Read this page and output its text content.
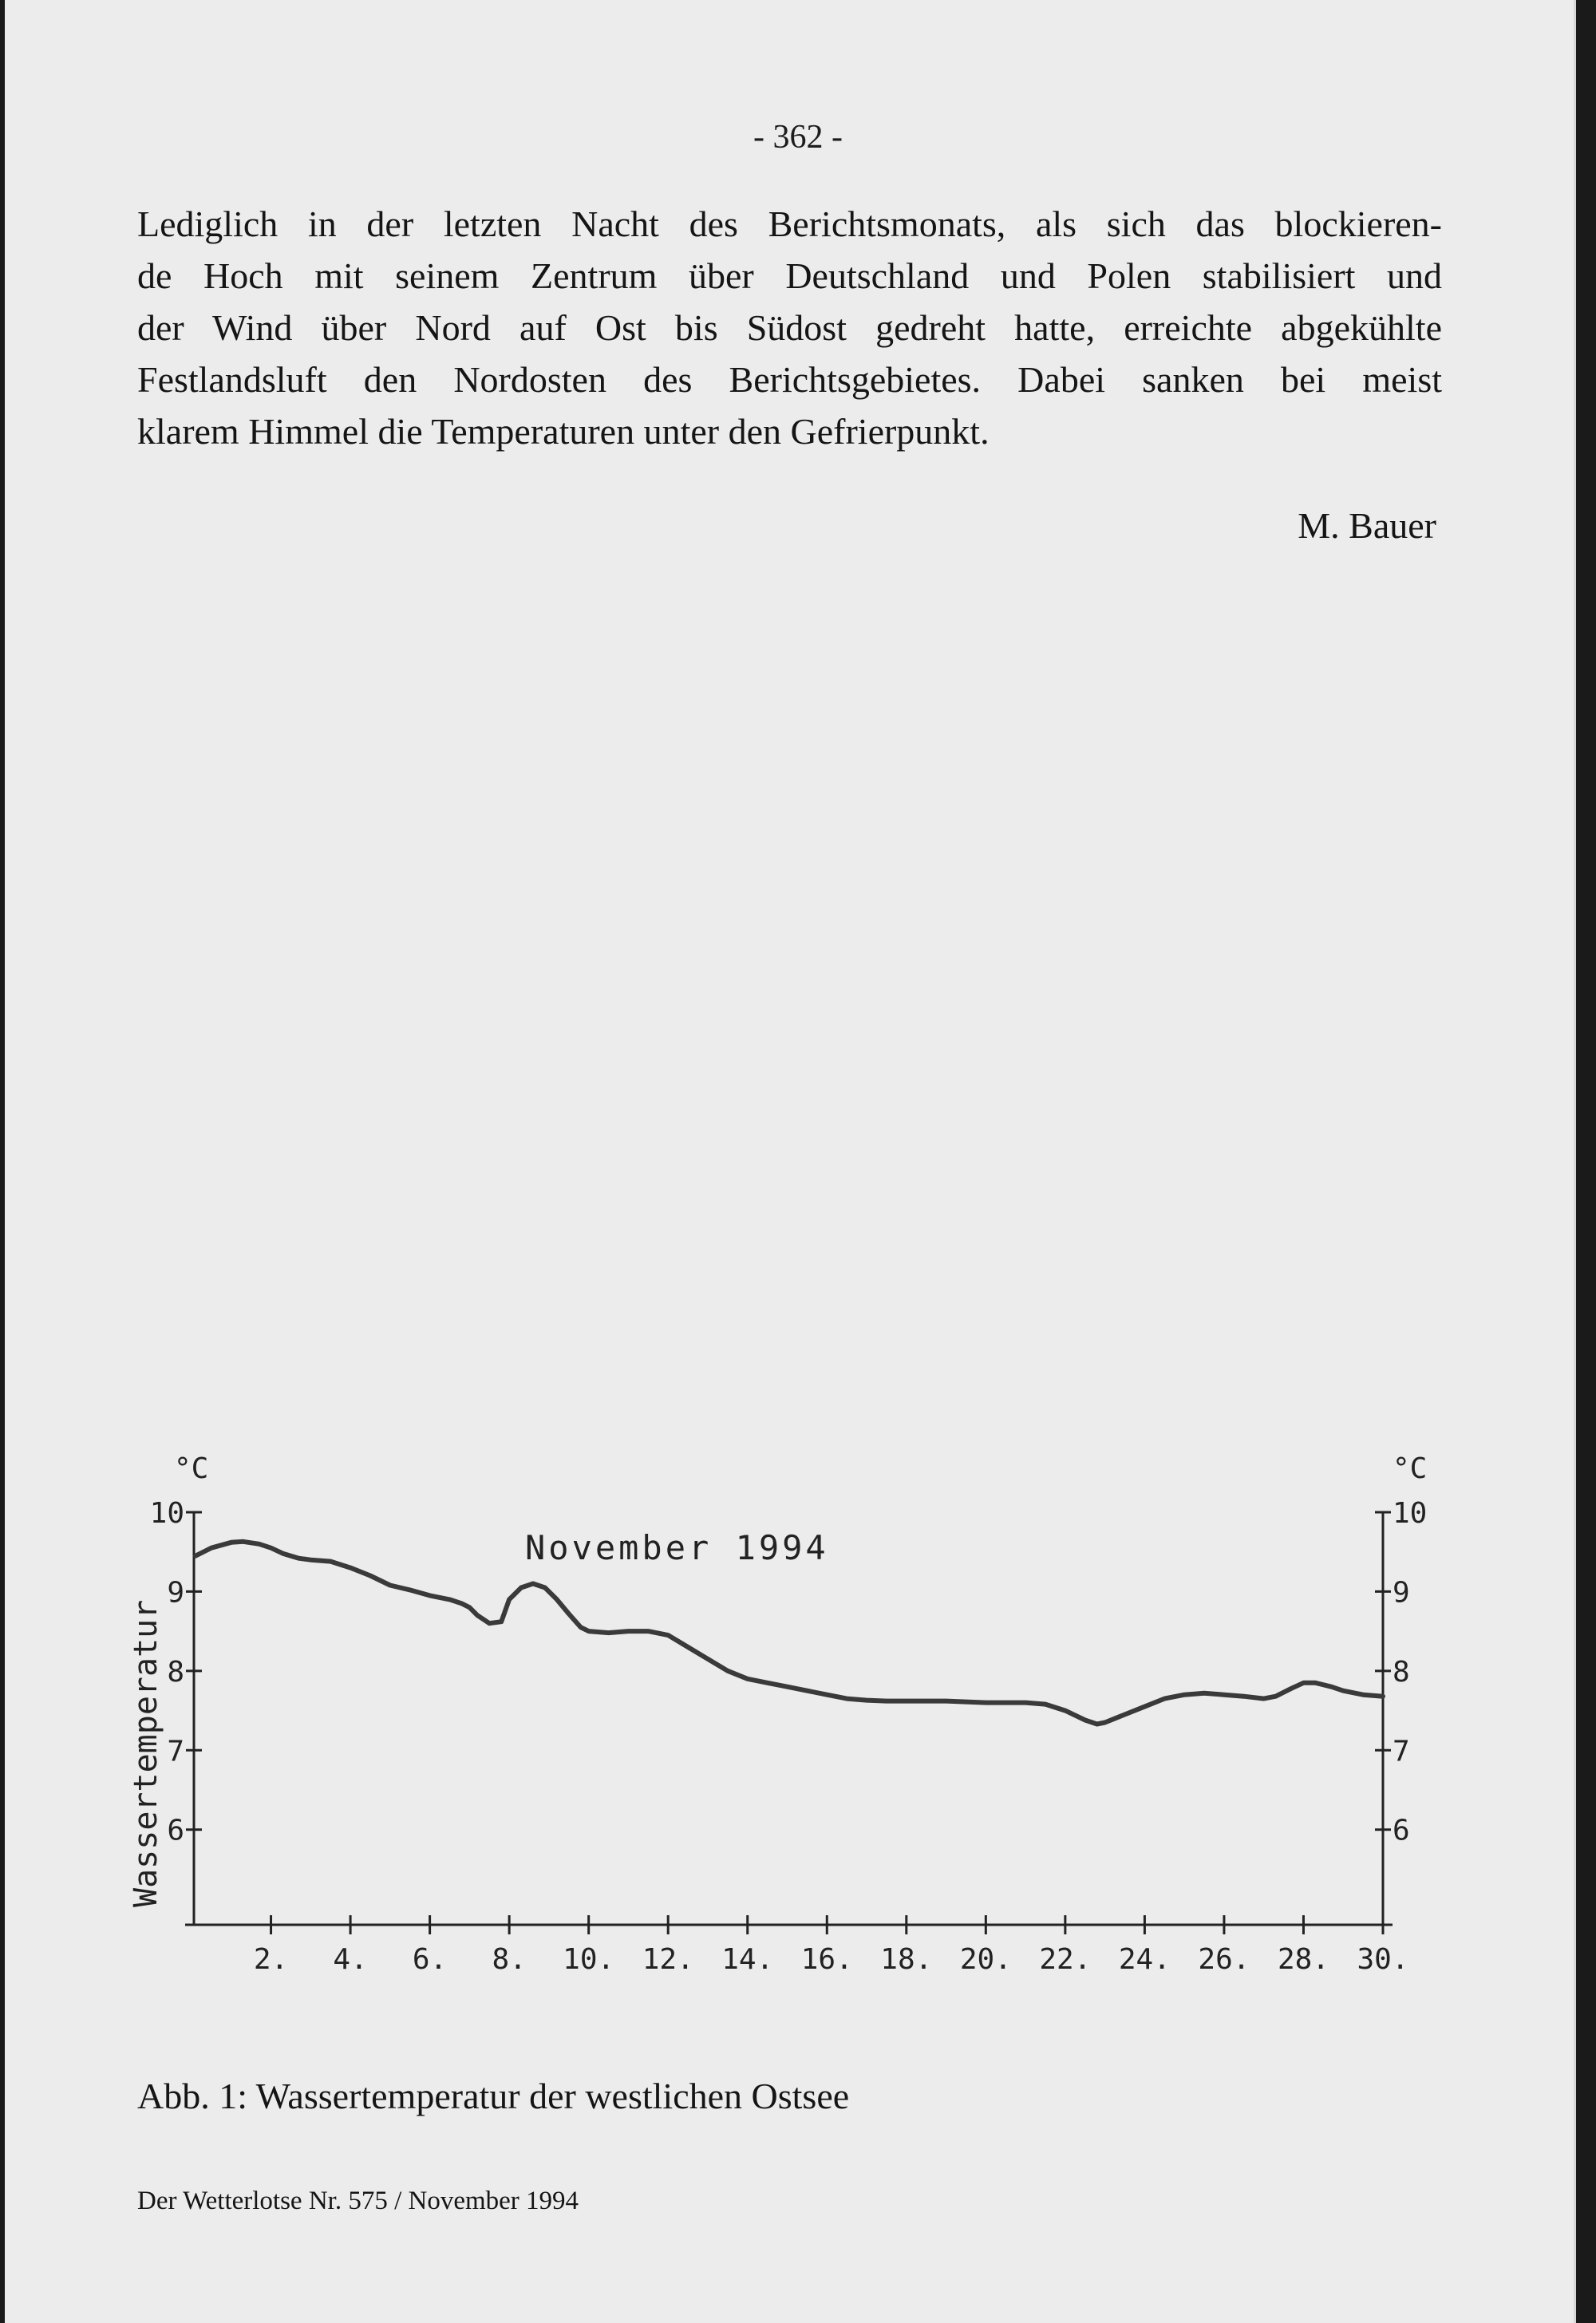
- 362 -
Lediglich in der letzten Nacht des Berichtsmonats, als sich das blockieren-
de Hoch mit seinem Zentrum über Deutschland und Polen stabilisiert und
der Wind über Nord auf Ost bis Südost gedreht hatte, erreichte abgekühlte
Festlandsluft den Nordosten des Berichtsgebietes. Dabei sanken bei meist
klarem Himmel die Temperaturen unter den Gefrierpunkt.
M. Bauer
6	6
7	7
8	8
9	9
10	10
2. 4. 6. 8. 10. 12. 14. 16. 18. 20. 22. 24. 26. 28. 30.
°C	°C
November 1994
Wassertemperatur
Abb. 1: Wassertemperatur der westlichen Ostsee
Der Wetterlotse Nr. 575 / November 1994
